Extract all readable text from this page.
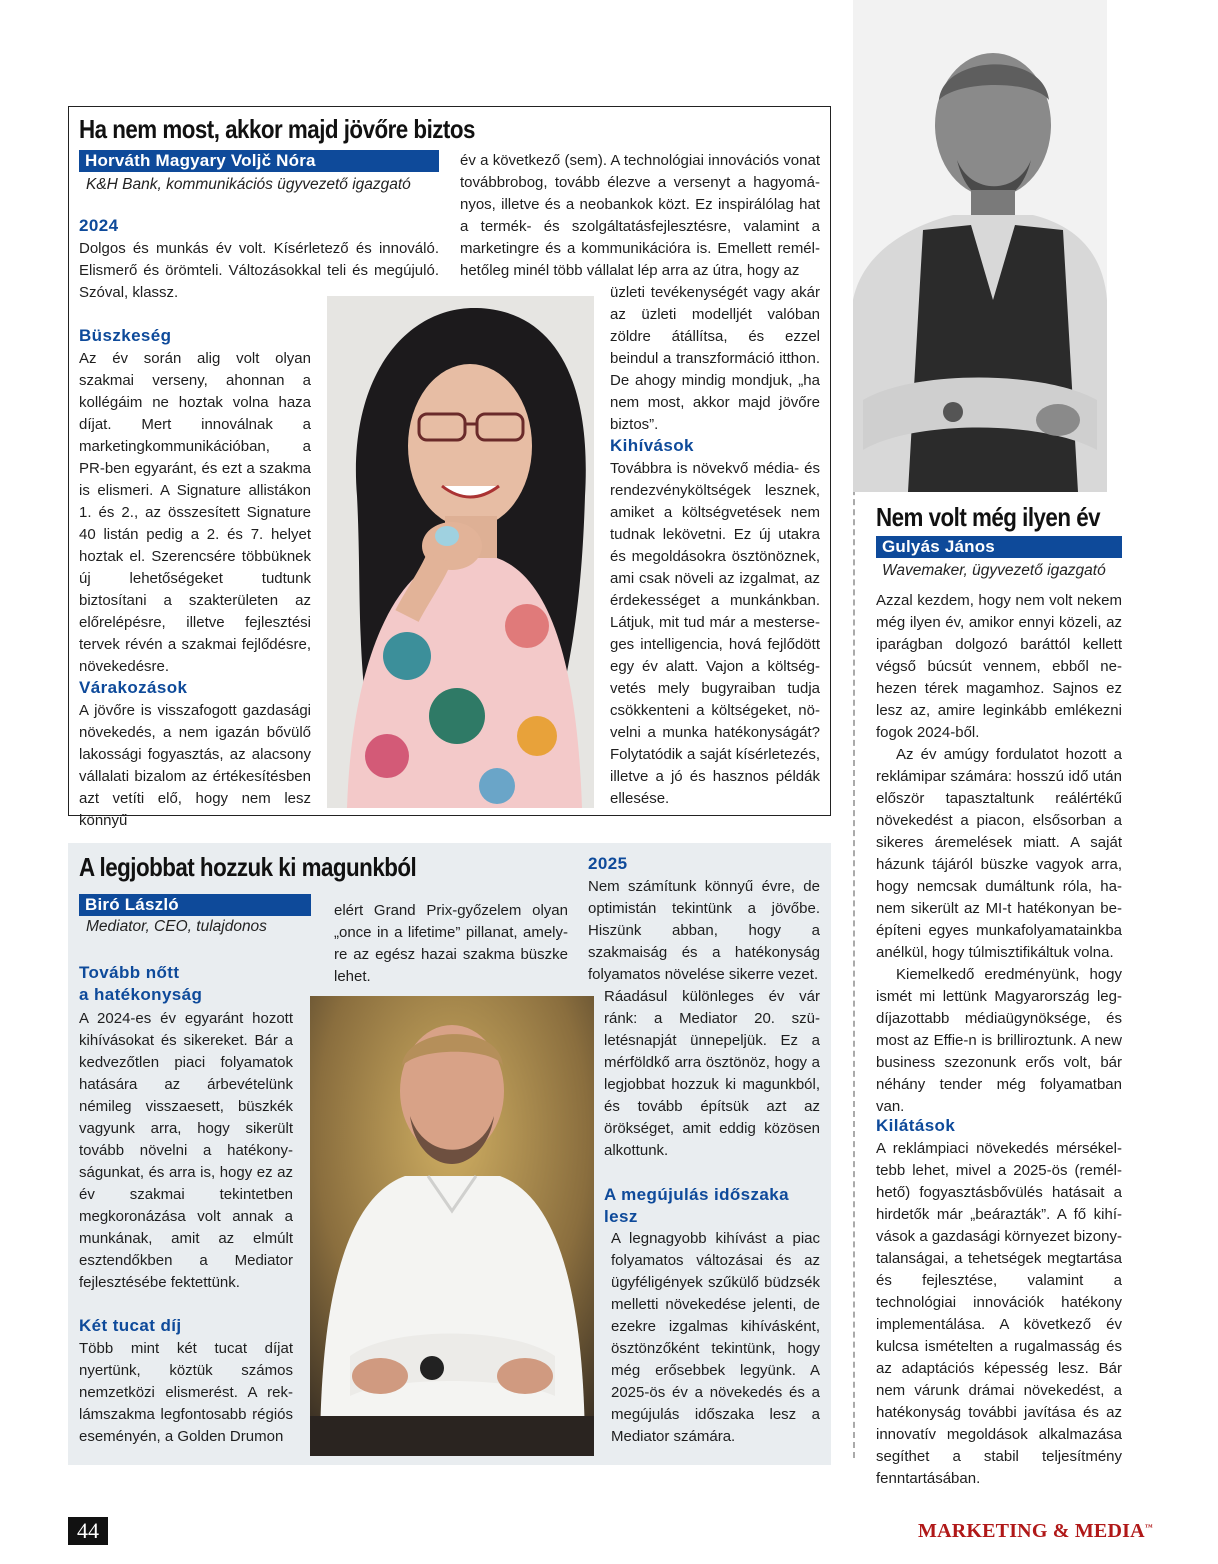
Ha nem most, akkor majd jövőre biztos
Horváth Magyary Voljč Nóra
K&H Bank, kommunikációs ügyvezető igazgató
2024
Dolgos és munkás év volt. Kísérletező és innováló. Elismerő és örömteli. Változásokkal teli és megújuló. Szóval, klassz.
Büszkeség
Az év során alig volt olyan szakmai verseny, ahonnan a kollégáim ne hoztak volna haza díjat. Mert innoválnak a marketingkommunikációban, a PR-ben egyaránt, és ezt a szakma is elismeri. A Signature allistákon 1. és 2., az összesített Signature 40 listán pedig a 2. és 7. helyet hoztak el. Szerencsére többüknek új lehetőségeket tudtunk biztosítani a szakterületen az előrelépésre, illetve fejlesztési tervek révén a szakmai fejlődésre, növekedésre.
Várakozások
A jövőre is visszafogott gazdasági növekedés, a nem igazán bővülő lakossági fogyasztás, az alacsony vállalati bizalom az értékesítésben azt vetíti elő, hogy nem lesz könnyű
év a következő (sem). A technológiai innovációs vonat továbbrobog, tovább élezve a versenyt a hagyományos, illetve és a neobankok közt. Ez inspirálólag hat a termék- és szolgáltatásfejlesztésre, valamint a marketingre és a kommunikációra is. Emellett remélhetőleg minél több vállalat lép arra az útra, hogy az
üzleti tevékenységét vagy akár az üzleti modelljét valóban zöldre átállítsa, és ezzel beindul a transzformáció itthon. De ahogy mindig mondjuk, „ha nem most, akkor majd jövőre biztos”.
Kihívások
Továbbra is növekvő média- és rendezvényköltségek lesznek, amiket a költségvetések nem tudnak lekövetni. Ez új utakra és megoldásokra ösztönöznek, ami csak növeli az izgalmat, az érdekességet a munkánkban. Látjuk, mit tud már a mesterseges intelligencia, hová fejlődött egy év alatt. Vajon a költségvetés mely bugyraiban tudja csökkenteni a költségeket, növelni a munka hatékonyságát? Folytatódik a saját kísérletezés, illetve a jó és hasznos példák ellesése.
A legjobbat hozzuk ki magunkból
Biró László
Mediator, CEO, tulajdonos
Tovább nőtt
a hatékonyság
A 2024-es év egyaránt hozott kihívásokat és sikereket. Bár a kedvezőtlen piaci folyamatok hatására az árbevételünk némileg visszaesett, büszkék vagyunk arra, hogy sikerült tovább növelni a hatékonyságunkat, és arra is, hogy ez az év szakmai tekintetben megkoronázása volt annak a munkának, amit az elmúlt esztendőkben a Mediator fejlesztésébe fektettünk.
Két tucat díj
Több mint két tucat díjat nyertünk, köztük számos nemzetközi elismerést. A reklámszakma legfontosabb régiós eseményén, a Golden Drumon
elért Grand Prix-győzelem olyan „once in a lifetime” pillanat, amelyre az egész hazai szakma büszke lehet.
2025
Nem számítunk könnyű évre, de optimistán tekintünk a jövőbe. Hiszünk abban, hogy a szakmaiság és a hatékonyság folyamatos növelése sikerre vezet.
Ráadásul különleges év vár ránk: a Mediator 20. születésnapját ünnepeljük. Ez a mérföldkő arra ösztönöz, hogy a legjobbat hozzuk ki magunkból, és tovább építsük azt az örökséget, amit eddig közösen alkottunk.
A megújulás időszaka
lesz
A legnagyobb kihívást a piac folyamatos változásai és az ügyféligények szűkülő büdzsék melletti növekedése jelenti, de ezekre izgalmas kihívásként, ösztönzőként tekintünk, hogy még erősebbek legyünk. A 2025-ös év a növekedés és a megújulás időszaka lesz a Mediator számára.
Nem volt még ilyen év
Gulyás János
Wavemaker, ügyvezető igazgató

Azzal kezdem, hogy nem volt nekem még ilyen év, amikor ennyi közeli, az iparágban dolgozó baráttól kellett végső búcsút vennem, ebből nehezen térek magamhoz. Sajnos ez lesz az, amire leginkább emlékezni fogok 2024-ből.

Az év amúgy fordulatot hozott a reklámipar számára: hosszú idő után először tapasztaltunk reálértékű növekedést a piacon, elsősorban a sikeres áremelések miatt. A saját házunk tájáról büszke vagyok arra, hogy nemcsak dumáltunk róla, hanem sikerült az MI-t hatékonyan beépíteni egyes munkafolyamatainkba anélkül, hogy túlmisztifikáltuk volna.

Kiemelkedő eredményünk, hogy ismét mi lettünk Magyarország legdíjazottabb médiaügynöksége, és most az Effie-n is brilliroztunk. A new business szezonunk erős volt, bár néhány tender még folyamatban van.

Kilátások
A reklámpiaci növekedés mérsékeltebb lehet, mivel a 2025-ös (remélhető) fogyasztásbővülés hatásait a hirdetők már „beárazták”. A fő kihívások a gazdasági környezet bizonytalanságai, a tehetségek megtartása és fejlesztése, valamint a technológiai innovációk hatékony implementálása. A következő év kulcsa ismételten a rugalmasság és az adaptációs képesség lesz. Bár nem várunk drámai növekedést, a hatékonyság további javítása és az innovatív megoldások alkalmazása segíthet a stabil teljesítmény fenntartásában.
44	MARKETING & MEDIA™
